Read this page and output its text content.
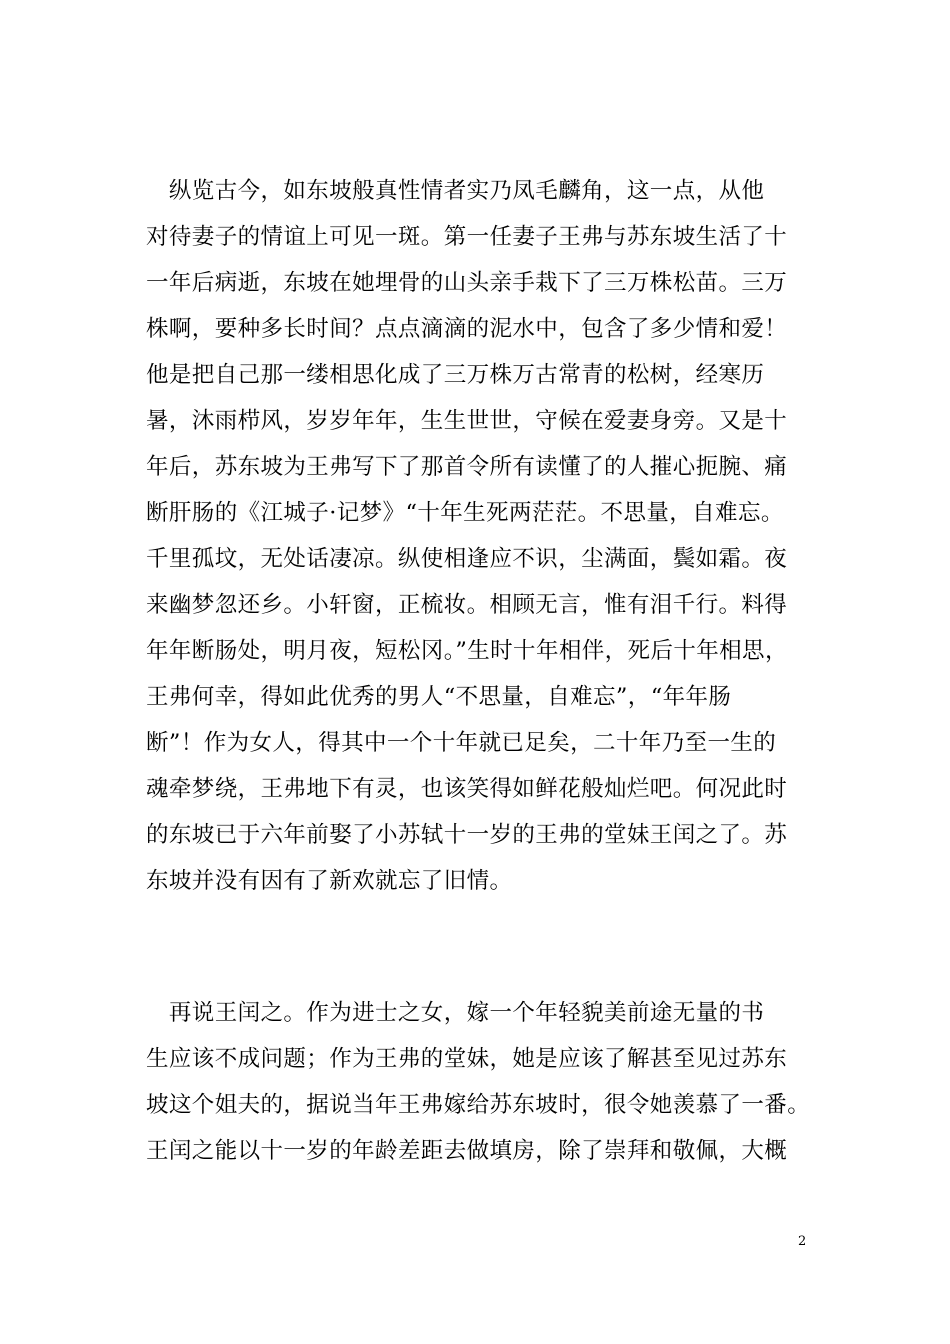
　纵览古今，如东坡般真性情者实乃凤毛麟角，这一点，从他
对待妻子的情谊上可见一斑。第一任妻子王弗与苏东坡生活了十
一年后病逝，东坡在她埋骨的山头亲手栽下了三万株松苗。三万
株啊，要种多长时间？点点滴滴的泥水中，包含了多少情和爱！
他是把自己那一缕相思化成了三万株万古常青的松树，经寒历
暑，沐雨栉风，岁岁年年，生生世世，守候在爱妻身旁。又是十
年后，苏东坡为王弗写下了那首令所有读懂了的人摧心扼腕、痛
断肝肠的《江城子·记梦》“十年生死两茫茫。不思量，自难忘。
千里孤坟，无处话凄凉。纵使相逢应不识，尘满面，鬓如霜。夜
来幽梦忽还乡。小轩窗，正梳妆。相顾无言，惟有泪千行。料得
年年断肠处，明月夜，短松冈。”生时十年相伴，死后十年相思，
王弗何幸，得如此优秀的男人“不思量，自难忘”，“年年肠
断”！作为女人，得其中一个十年就已足矣，二十年乃至一生的
魂牵梦绕，王弗地下有灵，也该笑得如鲜花般灿烂吧。何况此时
的东坡已于六年前娶了小苏轼十一岁的王弗的堂妹王闰之了。苏
东坡并没有因有了新欢就忘了旧情。
　再说王闰之。作为进士之女，嫁一个年轻貌美前途无量的书
生应该不成问题；作为王弗的堂妹，她是应该了解甚至见过苏东
坡这个姐夫的，据说当年王弗嫁给苏东坡时，很令她羡慕了一番。
王闰之能以十一岁的年龄差距去做填房，除了崇拜和敬佩，大概
2
